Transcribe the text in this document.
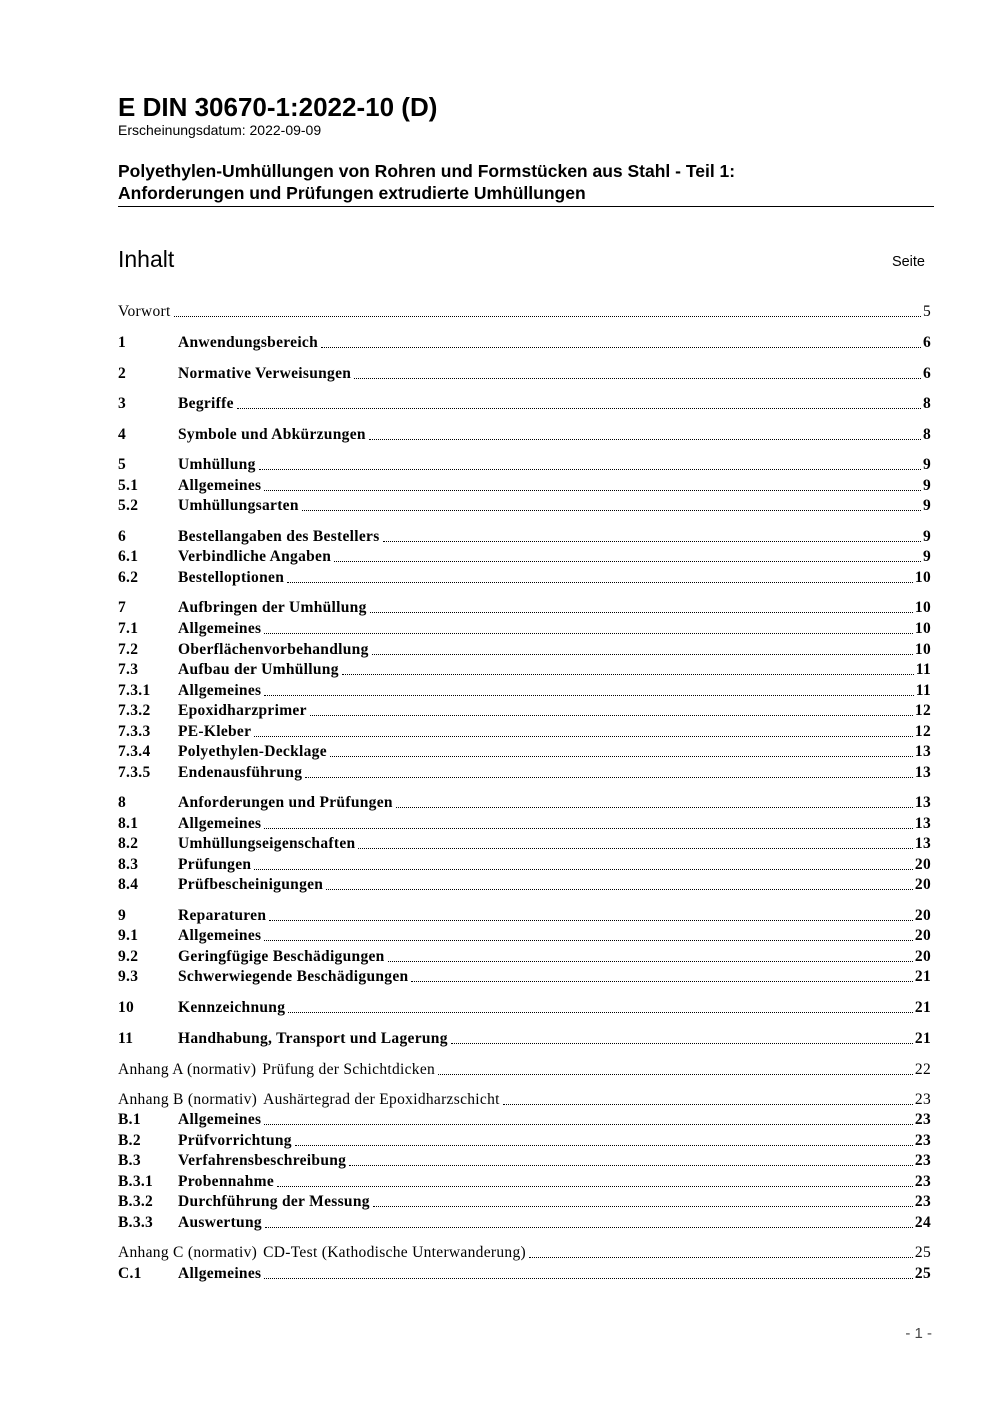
E DIN 30670-1:2022-10 (D)
Erscheinungsdatum: 2022-09-09
Polyethylen-Umhüllungen von Rohren und Formstücken aus Stahl - Teil 1:
Anforderungen und Prüfungen extrudierte Umhüllungen
Inhalt	Seite
Vorwort	5
1	Anwendungsbereich	6
2	Normative Verweisungen	6
3	Begriffe	8
4	Symbole und Abkürzungen	8
5	Umhüllung	9
5.1	Allgemeines	9
5.2	Umhüllungsarten	9
6	Bestellangaben des Bestellers	9
6.1	Verbindliche Angaben	9
6.2	Bestelloptionen	10
7	Aufbringen der Umhüllung	10
7.1	Allgemeines	10
7.2	Oberflächenvorbehandlung	10
7.3	Aufbau der Umhüllung	11
7.3.1	Allgemeines	11
7.3.2	Epoxidharzprimer	12
7.3.3	PE-Kleber	12
7.3.4	Polyethylen-Decklage	13
7.3.5	Endenausführung	13
8	Anforderungen und Prüfungen	13
8.1	Allgemeines	13
8.2	Umhüllungseigenschaften	13
8.3	Prüfungen	20
8.4	Prüfbescheinigungen	20
9	Reparaturen	20
9.1	Allgemeines	20
9.2	Geringfügige Beschädigungen	20
9.3	Schwerwiegende Beschädigungen	21
10	Kennzeichnung	21
11	Handhabung, Transport und Lagerung	21
Anhang A (normativ) Prüfung der Schichtdicken	22
Anhang B (normativ) Aushärtegrad der Epoxidharzschicht	23
B.1	Allgemeines	23
B.2	Prüfvorrichtung	23
B.3	Verfahrensbeschreibung	23
B.3.1	Probennahme	23
B.3.2	Durchführung der Messung	23
B.3.3	Auswertung	24
Anhang C (normativ) CD-Test (Kathodische Unterwanderung)	25
C.1	Allgemeines	25
- 1 -
